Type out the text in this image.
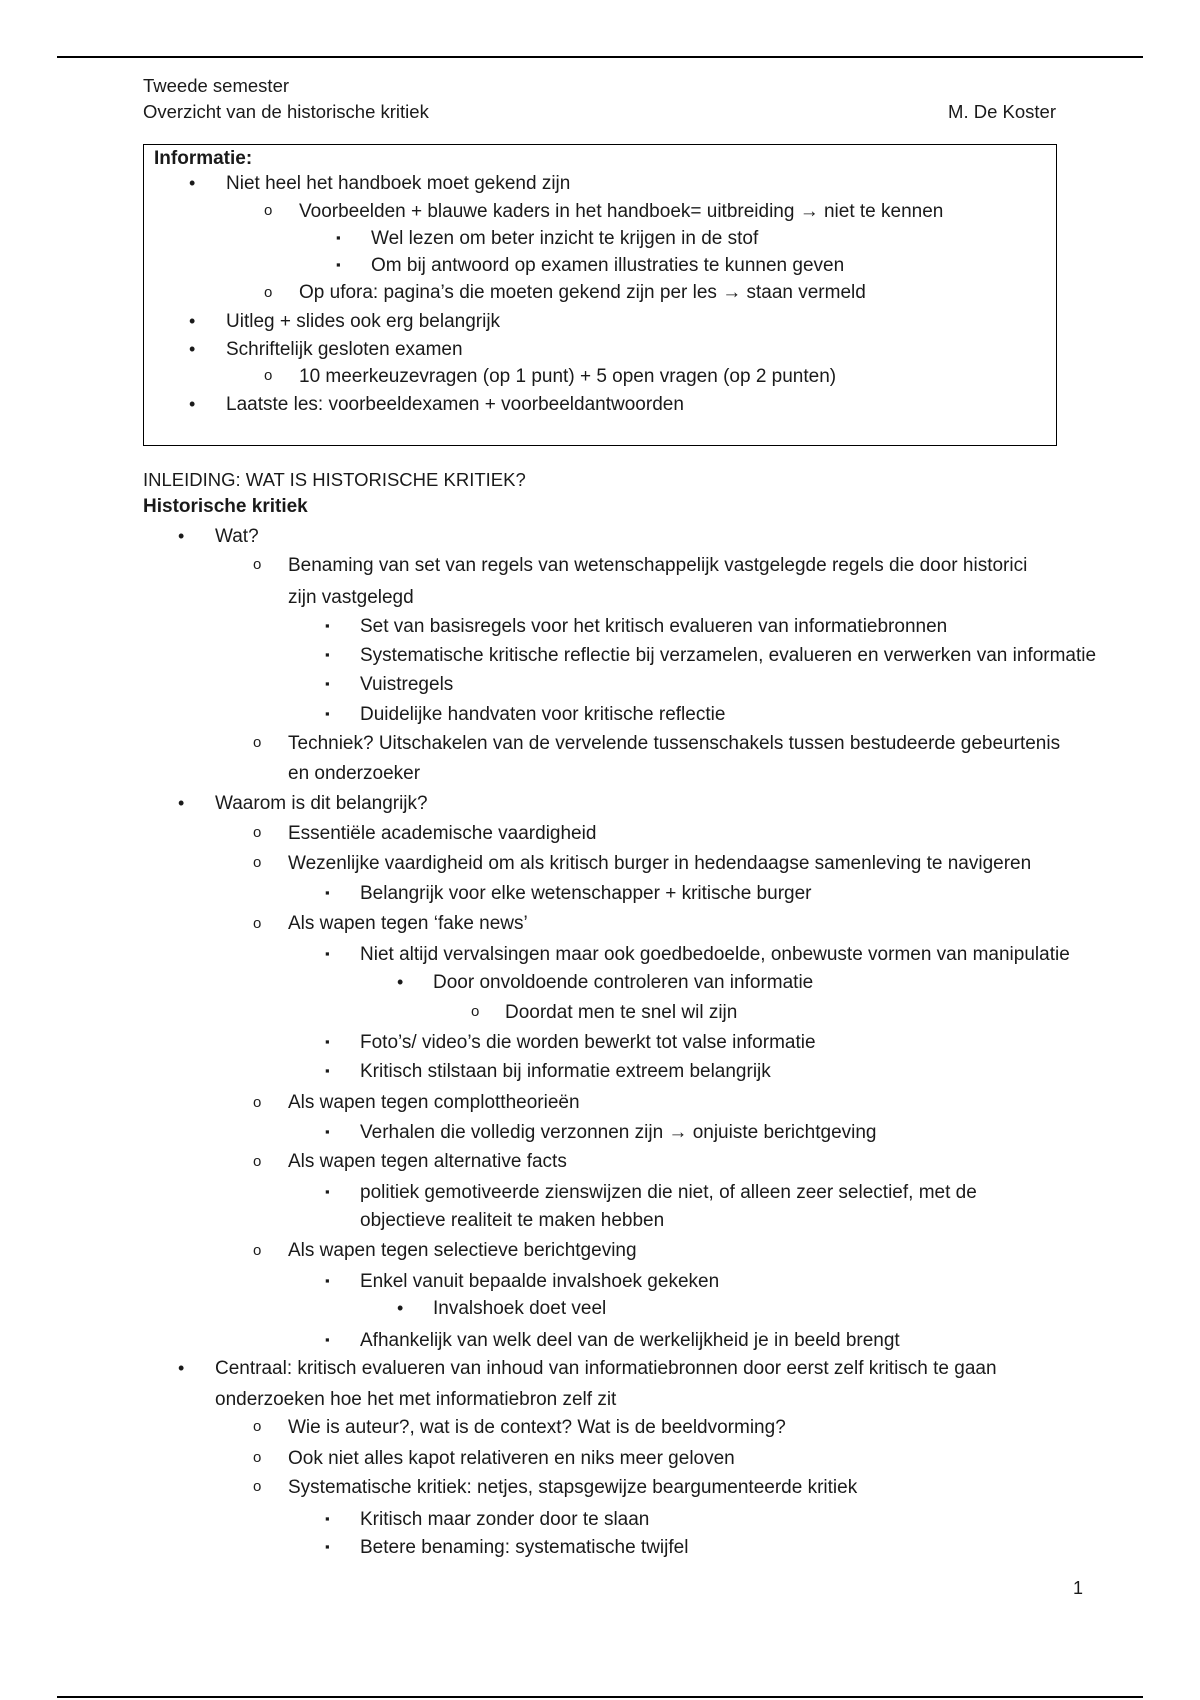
Tweede semester
Overzicht van de historische kritiek	M. De Koster
Informatie:
• Niet heel het handboek moet gekend zijn
o Voorbeelden + blauwe kaders in het handboek= uitbreiding → niet te kennen
▪ Wel lezen om beter inzicht te krijgen in de stof
▪ Om bij antwoord op examen illustraties te kunnen geven
o Op ufora: pagina’s die moeten gekend zijn per les → staan vermeld
• Uitleg + slides ook erg belangrijk
• Schriftelijk gesloten examen
o 10 meerkeuzevragen (op 1 punt) + 5 open vragen (op 2 punten)
• Laatste les: voorbeeldexamen + voorbeeldantwoorden
INLEIDING: WAT IS HISTORISCHE KRITIEK?
Historische kritiek
• Wat?
o Benaming van set van regels van wetenschappelijk vastgelegde regels die door historici
zijn vastgelegd
▪ Set van basisregels voor het kritisch evalueren van informatiebronnen
▪ Systematische kritische reflectie bij verzamelen, evalueren en verwerken van informatie
▪ Vuistregels
▪ Duidelijke handvaten voor kritische reflectie
o Techniek? Uitschakelen van de vervelende tussenschakels tussen bestudeerde gebeurtenis
en onderzoeker
• Waarom is dit belangrijk?
o Essentiële academische vaardigheid
o Wezenlijke vaardigheid om als kritisch burger in hedendaagse samenleving te navigeren
▪ Belangrijk voor elke wetenschapper + kritische burger
o Als wapen tegen ‘fake news’
▪ Niet altijd vervalsingen maar ook goedbedoelde, onbewuste vormen van manipulatie
• Door onvoldoende controleren van informatie
o Doordat men te snel wil zijn
▪ Foto’s/ video’s die worden bewerkt tot valse informatie
▪ Kritisch stilstaan bij informatie extreem belangrijk
o Als wapen tegen complottheorieën
▪ Verhalen die volledig verzonnen zijn → onjuiste berichtgeving
o Als wapen tegen alternative facts
▪ politiek gemotiveerde zienswijzen die niet, of alleen zeer selectief, met de
objectieve realiteit te maken hebben
o Als wapen tegen selectieve berichtgeving
▪ Enkel vanuit bepaalde invalshoek gekeken
• Invalshoek doet veel
▪ Afhankelijk van welk deel van de werkelijkheid je in beeld brengt
• Centraal: kritisch evalueren van inhoud van informatiebronnen door eerst zelf kritisch te gaan
onderzoeken hoe het met informatiebron zelf zit
o Wie is auteur?, wat is de context? Wat is de beeldvorming?
o Ook niet alles kapot relativeren en niks meer geloven
o Systematische kritiek: netjes, stapsgewijze beargumenteerde kritiek
▪ Kritisch maar zonder door te slaan
▪ Betere benaming: systematische twijfel
1
